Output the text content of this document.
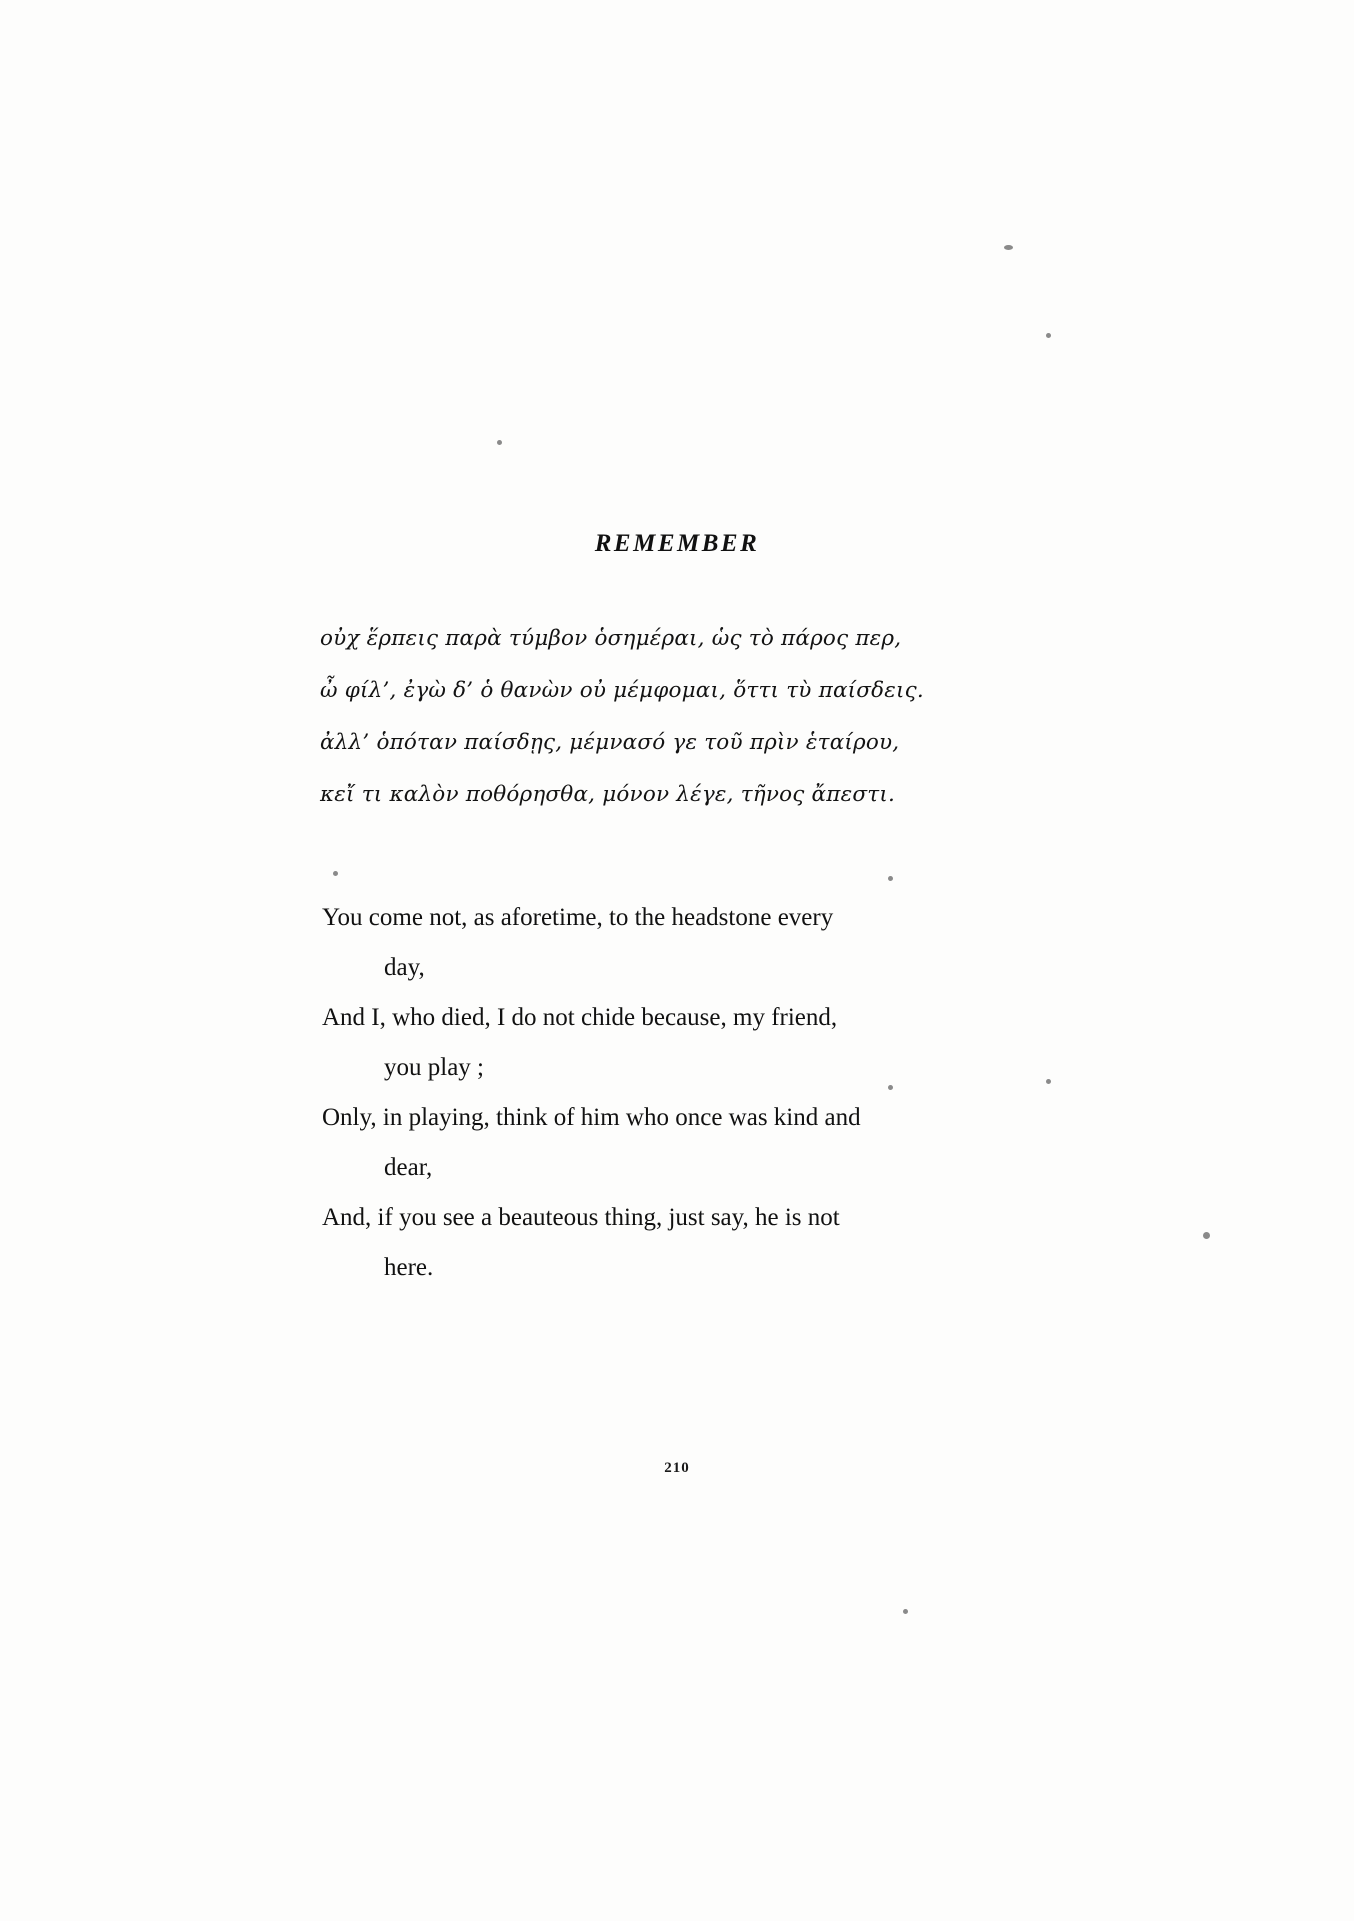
REMEMBER
οὐχ ἕρπεις παρὰ τύμβον ὁσημέραι, ὡς τὸ πάρος περ,
ὦ φίλ’, ἐγὼ δ’ ὁ θανὼν οὐ μέμφομαι, ὅττι τὺ παίσδεις.
ἀλλ’ ὁπόταν παίσδῃς, μέμνασό γε τοῦ πρὶν ἑταίρου,
κεἴ τι καλὸν ποθόρησθα, μόνον λέγε, τῆνος ἄπεστι.
You come not, as aforetime, to the headstone every
day,
And I, who died, I do not chide because, my friend,
you play ;
Only, in playing, think of him who once was kind and
dear,
And, if you see a beauteous thing, just say, he is not
here.
210
